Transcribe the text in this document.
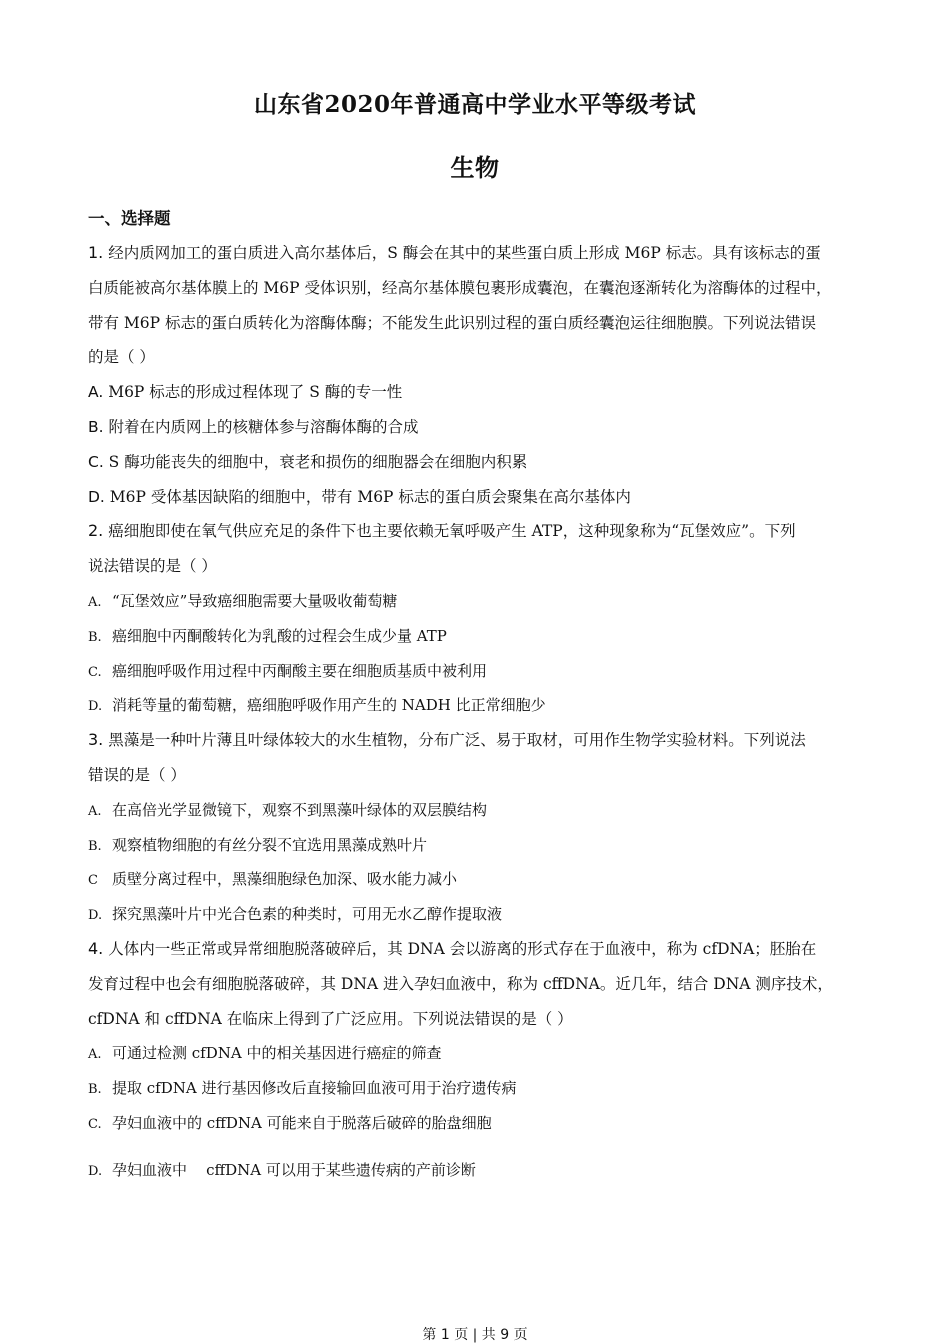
山东省2020年普通高中学业水平等级考试
生物
一、选择题
1. 经内质网加工的蛋白质进入高尔基体后，S 酶会在其中的某些蛋白质上形成 M6P 标志。具有该标志的蛋
白质能被高尔基体膜上的 M6P 受体识别，经高尔基体膜包裹形成囊泡，在囊泡逐渐转化为溶酶体的过程中，
带有 M6P 标志的蛋白质转化为溶酶体酶；不能发生此识别过程的蛋白质经囊泡运往细胞膜。下列说法错误
的是（ ）
A. M6P 标志的形成过程体现了 S 酶的专一性
B. 附着在内质网上的核糖体参与溶酶体酶的合成
C. S 酶功能丧失的细胞中，衰老和损伤的细胞器会在细胞内积累
D. M6P 受体基因缺陷的细胞中，带有 M6P 标志的蛋白质会聚集在高尔基体内
2. 癌细胞即使在氧气供应充足的条件下也主要依赖无氧呼吸产生 ATP，这种现象称为“瓦堡效应”。下列
说法错误的是（ ）
A. “瓦堡效应”导致癌细胞需要大量吸收葡萄糖
B. 癌细胞中丙酮酸转化为乳酸的过程会生成少量 ATP
C. 癌细胞呼吸作用过程中丙酮酸主要在细胞质基质中被利用
D. 消耗等量的葡萄糖，癌细胞呼吸作用产生的 NADH 比正常细胞少
3. 黑藻是一种叶片薄且叶绿体较大的水生植物，分布广泛、易于取材，可用作生物学实验材料。下列说法
错误的是（ ）
A. 在高倍光学显微镜下，观察不到黑藻叶绿体的双层膜结构
B. 观察植物细胞的有丝分裂不宜选用黑藻成熟叶片
C 质壁分离过程中，黑藻细胞绿色加深、吸水能力减小
D. 探究黑藻叶片中光合色素的种类时，可用无水乙醇作提取液
4. 人体内一些正常或异常细胞脱落破碎后，其 DNA 会以游离的形式存在于血液中，称为 cfDNA；胚胎在
发育过程中也会有细胞脱落破碎，其 DNA 进入孕妇血液中，称为 cffDNA。近几年，结合 DNA 测序技术，
cfDNA 和 cffDNA 在临床上得到了广泛应用。下列说法错误的是（ ）
A. 可通过检测 cfDNA 中的相关基因进行癌症的筛查
B. 提取 cfDNA 进行基因修改后直接输回血液可用于治疗遗传病
C. 孕妇血液中的 cffDNA 可能来自于脱落后破碎的胎盘细胞
D. 孕妇血液中    cffDNA 可以用于某些遗传病的产前诊断
第 1 页 | 共 9 页
